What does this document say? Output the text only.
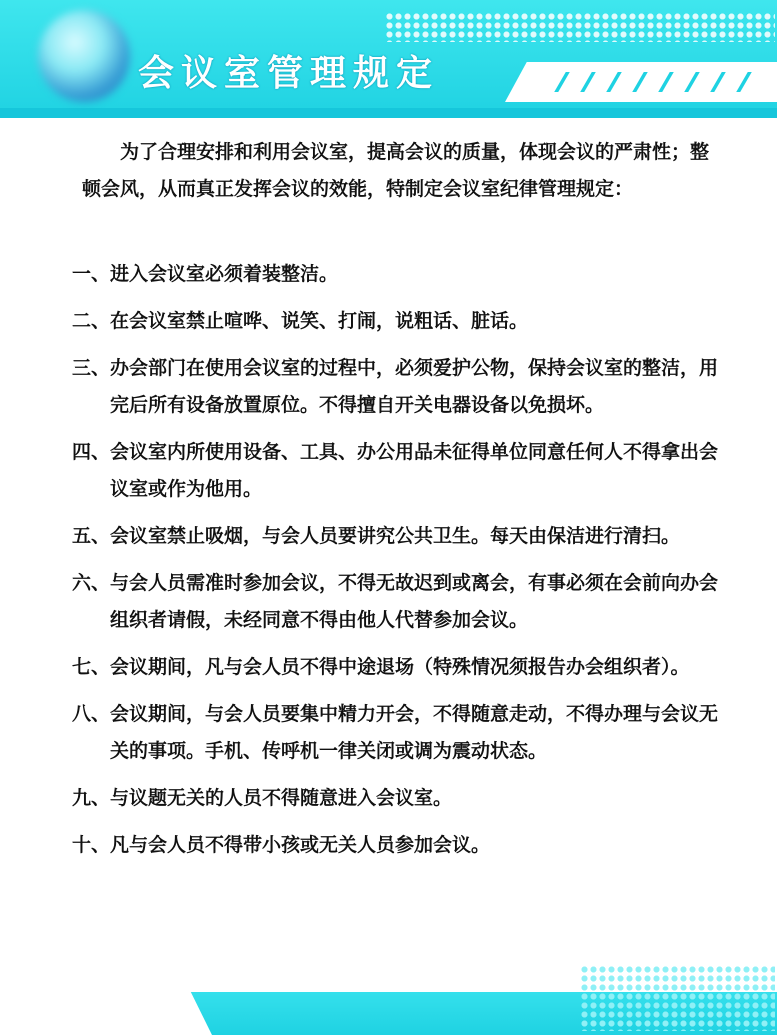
会议室管理规定

为了合理安排和利用会议室，提高会议的质量，体现会议的严肃性；整顿会风，从而真正发挥会议的效能，特制定会议室纪律管理规定：

一、 进入会议室必须着装整洁。
二、 在会议室禁止喧哗、说笑、打闹，说粗话、脏话。
三、 办会部门在使用会议室的过程中，必须爱护公物，保持会议室的整洁，用完后所有设备放置原位。不得擅自开关电器设备以免损坏。
四、 会议室内所使用设备、工具、办公用品未征得单位同意任何人不得拿出会议室或作为他用。
五、 会议室禁止吸烟，与会人员要讲究公共卫生。每天由保洁进行清扫。
六、 与会人员需准时参加会议，不得无故迟到或离会，有事必须在会前向办会组织者请假，未经同意不得由他人代替参加会议。
七、 会议期间，凡与会人员不得中途退场（特殊情况须报告办会组织者）。
八、 会议期间，与会人员要集中精力开会，不得随意走动，不得办理与会议无关的事项。手机、传呼机一律关闭或调为震动状态。
九、 与议题无关的人员不得随意进入会议室。
十、 凡与会人员不得带小孩或无关人员参加会议。
